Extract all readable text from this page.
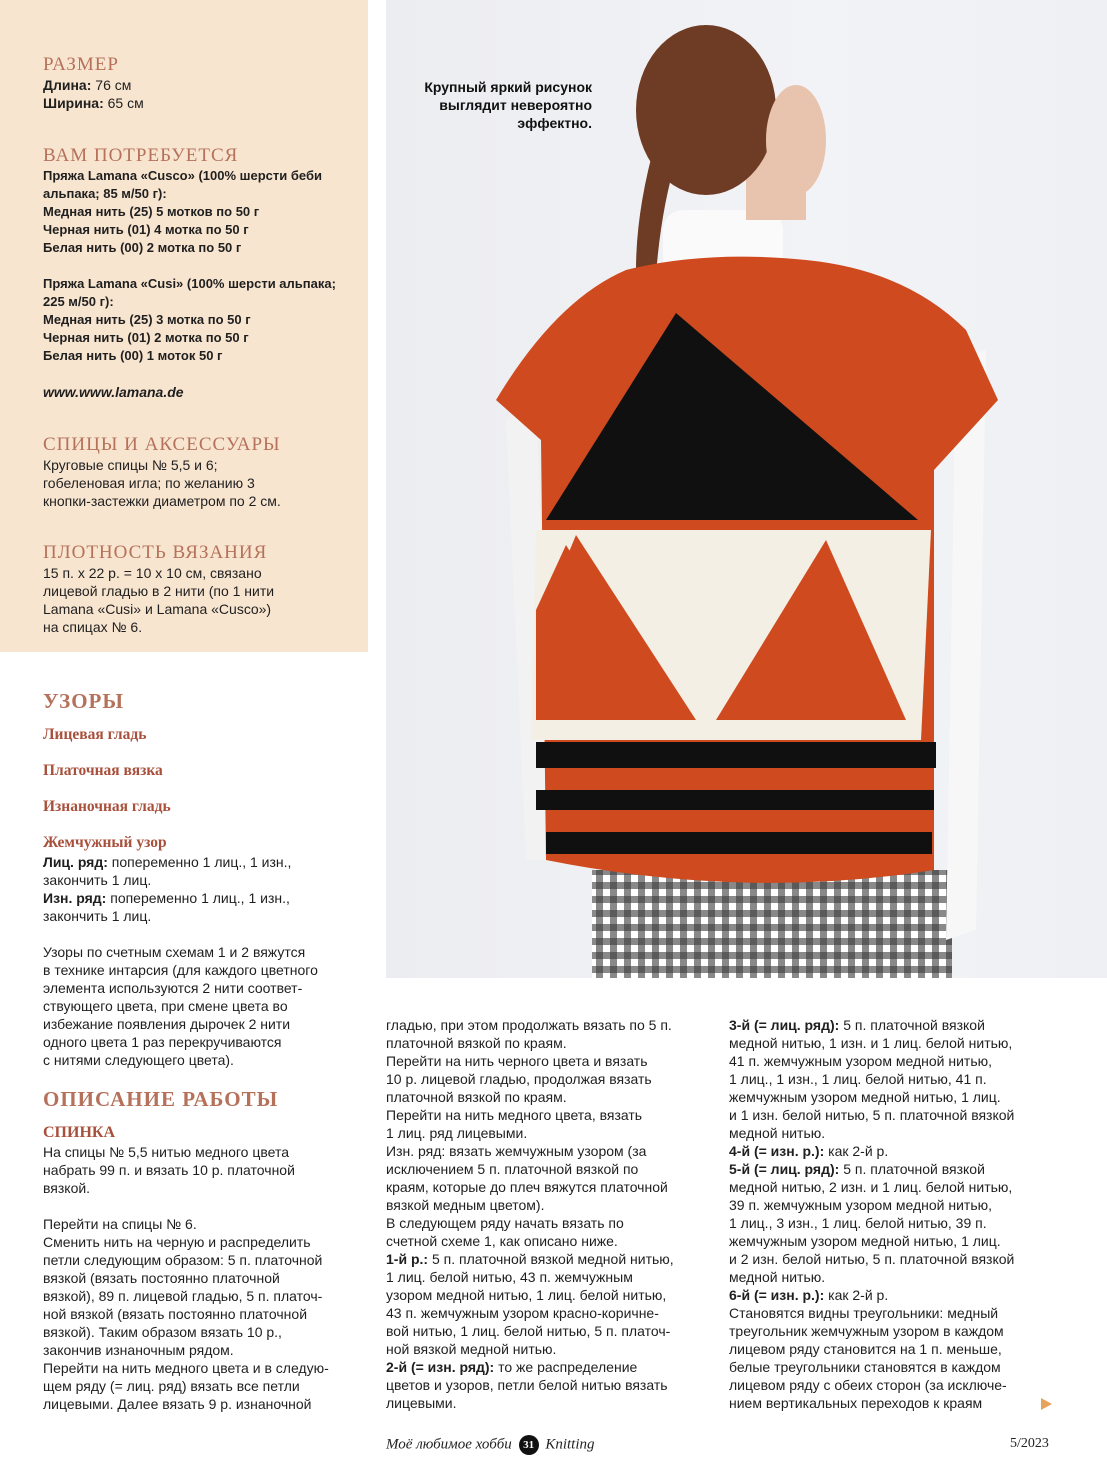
РАЗМЕР

Длина: 76 см

Ширина: 65 см

ВАМ ПОТРЕБУЕТСЯ

Пряжа Lamana «Cusco» (100% шерсти беби

альпака; 85 м/50 г):

Медная нить (25) 5 мотков по 50 г

Черная нить (01) 4 мотка по 50 г

Белая нить (00) 2 мотка по 50 г

Пряжа Lamana «Cusi» (100% шерсти альпака;

225 м/50 г):

Медная нить (25) 3 мотка по 50 г

Черная нить (01) 2 мотка по 50 г

Белая нить (00) 1 моток 50 г

www.www.lamana.de

СПИЦЫ И АКСЕССУАРЫ

Круговые спицы № 5,5 и 6;

гобеленовая игла; по желанию 3

кнопки-застежки диаметром по 2 см.

ПЛОТНОСТЬ ВЯЗАНИЯ

15 п. х 22 р. = 10 х 10 см, связано

лицевой гладью в 2 нити (по 1 нити

Lamana «Cusi» и Lamana «Cusco»)

на спицах № 6.

УЗОРЫ

Лицевая гладь

Платочная вязка

Изнаночная гладь

Жемчужный узор

Лиц. ряд: попеременно 1 лиц., 1 изн.,

закончить 1 лиц.

Изн. ряд: попеременно 1 лиц., 1 изн.,

закончить 1 лиц.

Узоры по счетным схемам 1 и 2 вяжутся

в технике интарсия (для каждого цветного

элемента используются 2 нити соответ-

ствующего цвета, при смене цвета во

избежание появления дырочек 2 нити

одного цвета 1 раз перекручиваются

с нитями следующего цвета).

ОПИСАНИЕ РАБОТЫ

СПИНКА

На спицы № 5,5 нитью медного цвета

набрать 99 п. и вязать 10 р. платочной

вязкой.

Перейти на спицы № 6.

Сменить нить на черную и распределить

петли следующим образом: 5 п. платочной

вязкой (вязать постоянно платочной

вязкой), 89 п. лицевой гладью, 5 п. платоч-

ной вязкой (вязать постоянно платочной

вязкой). Таким образом вязать 10 р.,

закончив изнаночным рядом.

Перейти на нить медного цвета и в следую-

щем ряду (= лиц. ряд) вязать все петли

лицевыми. Далее вязать 9 р. изнаночной

Крупный яркий рисунок
выглядит невероятно
эффектно.

гладью, при этом продолжать вязать по 5 п.

платочной вязкой по краям.

Перейти на нить черного цвета и вязать

10 р. лицевой гладью, продолжая вязать

платочной вязкой по краям.

Перейти на нить медного цвета, вязать

1 лиц. ряд лицевыми.

Изн. ряд: вязать жемчужным узором (за

исключением 5 п. платочной вязкой по

краям, которые до плеч вяжутся платочной

вязкой медным цветом).

В следующем ряду начать вязать по

счетной схеме 1, как описано ниже.

1-й р.: 5 п. платочной вязкой медной нитью,

1 лиц. белой нитью, 43 п. жемчужным

узором медной нитью, 1 лиц. белой нитью,

43 п. жемчужным узором красно-коричне-

вой нитью, 1 лиц. белой нитью, 5 п. платоч-

ной вязкой медной нитью.

2-й (= изн. ряд): то же распределение

цветов и узоров, петли белой нитью вязать

лицевыми.

3-й (= лиц. ряд): 5 п. платочной вязкой

медной нитью, 1 изн. и 1 лиц. белой нитью,

41 п. жемчужным узором медной нитью,

1 лиц., 1 изн., 1 лиц. белой нитью, 41 п.

жемчужным узором медной нитью, 1 лиц.

и 1 изн. белой нитью, 5 п. платочной вязкой

медной нитью.

4-й (= изн. р.): как 2-й р.

5-й (= лиц. ряд): 5 п. платочной вязкой

медной нитью, 2 изн. и 1 лиц. белой нитью,

39 п. жемчужным узором медной нитью,

1 лиц., 3 изн., 1 лиц. белой нитью, 39 п.

жемчужным узором медной нитью, 1 лиц.

и 2 изн. белой нитью, 5 п. платочной вязкой

медной нитью.

6-й (= изн. р.): как 2-й р.

Становятся видны треугольники: медный

треугольник жемчужным узором в каждом

лицевом ряду становится на 1 п. меньше,

белые треугольники становятся в каждом

лицевом ряду с обеих сторон (за исключе-

нием вертикальных переходов к краям

Моё любимое хобби 31 Knitting	5/2023
